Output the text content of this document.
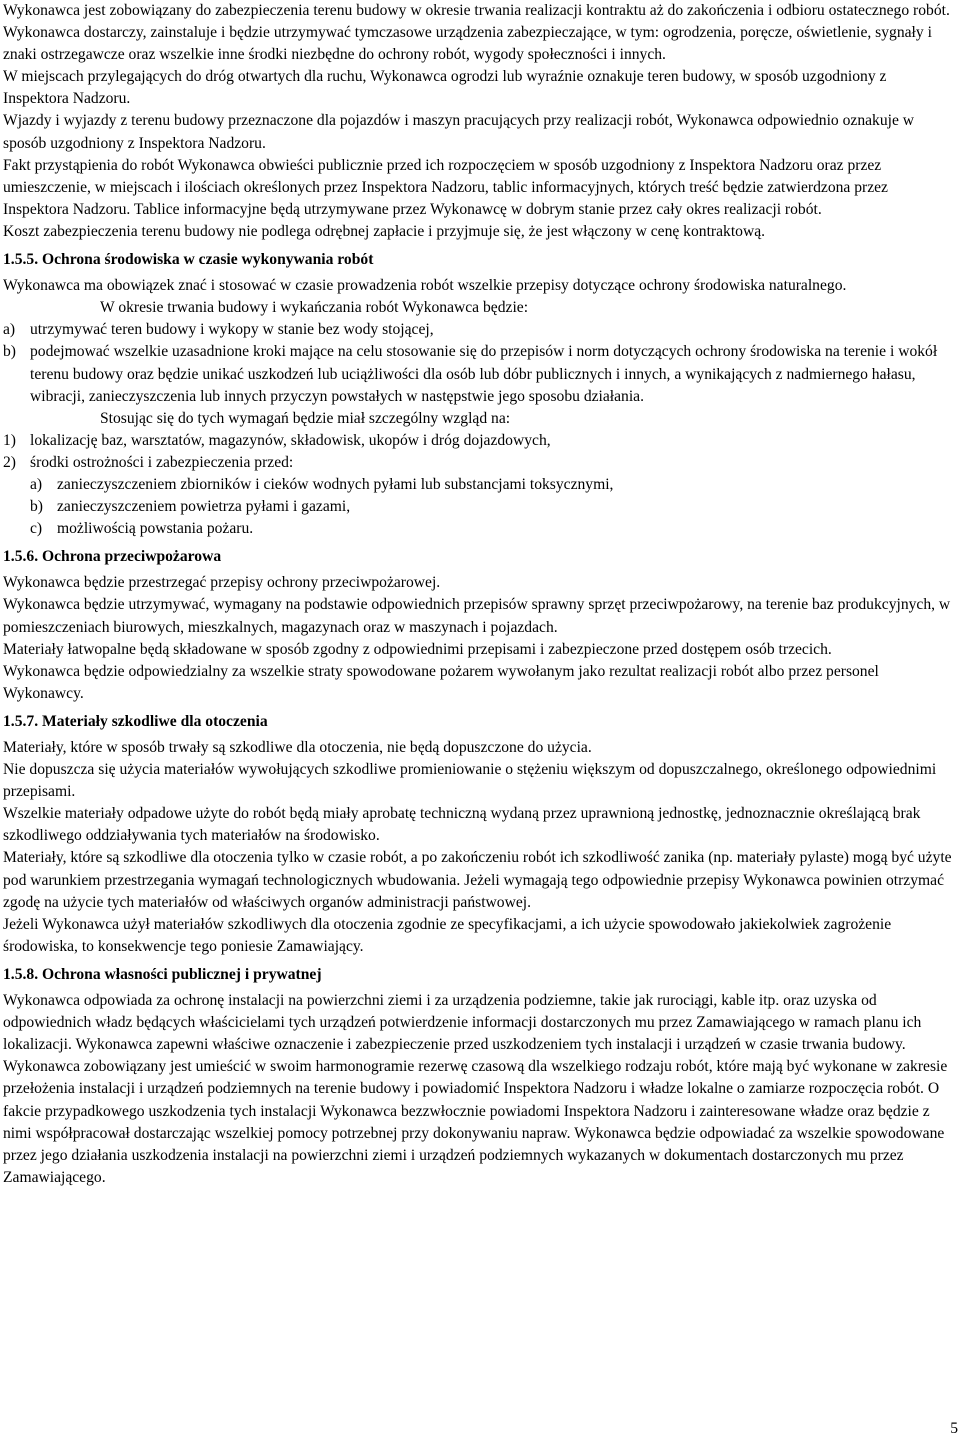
Wykonawca jest zobowiązany do zabezpieczenia terenu budowy w okresie trwania realizacji kontraktu aż do zakończenia i odbioru ostatecznego robót.

Wykonawca dostarczy, zainstaluje i będzie utrzymywać tymczasowe urządzenia zabezpieczające, w tym: ogrodzenia, poręcze, oświetlenie, sygnały i znaki ostrzegawcze oraz wszelkie inne środki niezbędne do ochrony robót, wygody społeczności i innych.

W miejscach przylegających do dróg otwartych dla ruchu, Wykonawca ogrodzi lub wyraźnie oznakuje teren budowy, w sposób uzgodniony z Inspektora Nadzoru.

Wjazdy i wyjazdy z terenu budowy przeznaczone dla pojazdów i maszyn pracujących przy realizacji robót, Wykonawca odpowiednio oznakuje w sposób uzgodniony z Inspektora Nadzoru.

Fakt przystąpienia do robót Wykonawca obwieści publicznie przed ich rozpoczęciem w sposób uzgodniony z Inspektora Nadzoru oraz przez umieszczenie, w miejscach i ilościach określonych przez Inspektora Nadzoru, tablic informacyjnych, których treść będzie zatwierdzona przez Inspektora Nadzoru. Tablice informacyjne będą utrzymywane przez Wykonawcę w dobrym stanie przez cały okres realizacji robót.

Koszt zabezpieczenia terenu budowy nie podlega odrębnej zapłacie i przyjmuje się, że jest włączony w cenę kontraktową.

1.5.5. Ochrona środowiska w czasie wykonywania robót

Wykonawca ma obowiązek znać i stosować w czasie prowadzenia robót wszelkie przepisy dotyczące ochrony środowiska naturalnego.

W okresie trwania budowy i wykańczania robót Wykonawca będzie:

a) utrzymywać teren budowy i wykopy w stanie bez wody stojącej,
b) podejmować wszelkie uzasadnione kroki mające na celu stosowanie się do przepisów i norm dotyczących ochrony środowiska na terenie i wokół terenu budowy oraz będzie unikać uszkodzeń lub uciążliwości dla osób lub dóbr publicznych i innych, a wynikających z nadmiernego hałasu, wibracji, zanieczyszczenia lub innych przyczyn powstałych w następstwie jego sposobu działania.

Stosując się do tych wymagań będzie miał szczególny wzgląd na:

1) lokalizację baz, warsztatów, magazynów, składowisk, ukopów i dróg dojazdowych,
2) środki ostrożności i zabezpieczenia przed:
a) zanieczyszczeniem zbiorników i cieków wodnych pyłami lub substancjami toksycznymi,
b) zanieczyszczeniem powietrza pyłami i gazami,
c) możliwością powstania pożaru.

1.5.6. Ochrona przeciwpożarowa

Wykonawca będzie przestrzegać przepisy ochrony przeciwpożarowej.

Wykonawca będzie utrzymywać, wymagany na podstawie odpowiednich przepisów sprawny sprzęt przeciwpożarowy, na terenie baz produkcyjnych, w pomieszczeniach biurowych, mieszkalnych, magazynach oraz w maszynach i pojazdach.

Materiały łatwopalne będą składowane w sposób zgodny z odpowiednimi przepisami i zabezpieczone przed dostępem osób trzecich.

Wykonawca będzie odpowiedzialny za wszelkie straty spowodowane pożarem wywołanym jako rezultat realizacji robót albo przez personel Wykonawcy.

1.5.7. Materiały szkodliwe dla otoczenia

Materiały, które w sposób trwały są szkodliwe dla otoczenia, nie będą dopuszczone do użycia.

Nie dopuszcza się użycia materiałów wywołujących szkodliwe promieniowanie o stężeniu większym od dopuszczalnego, określonego odpowiednimi przepisami.

Wszelkie materiały odpadowe użyte do robót będą miały aprobatę techniczną wydaną przez uprawnioną jednostkę, jednoznacznie określającą brak szkodliwego oddziaływania tych materiałów na środowisko.

Materiały, które są szkodliwe dla otoczenia tylko w czasie robót, a po zakończeniu robót ich szkodliwość zanika (np. materiały pylaste) mogą być użyte pod warunkiem przestrzegania wymagań technologicznych wbudowania. Jeżeli wymagają tego odpowiednie przepisy Wykonawca powinien otrzymać zgodę na użycie tych materiałów od właściwych organów administracji państwowej.

Jeżeli Wykonawca użył materiałów szkodliwych dla otoczenia zgodnie ze specyfikacjami, a ich użycie spowodowało jakiekolwiek zagrożenie środowiska, to konsekwencje tego poniesie Zamawiający.

1.5.8. Ochrona własności publicznej i prywatnej

Wykonawca odpowiada za ochronę instalacji na powierzchni ziemi i za urządzenia podziemne, takie jak rurociągi, kable itp. oraz uzyska od odpowiednich władz będących właścicielami tych urządzeń potwierdzenie informacji dostarczonych mu przez Zamawiającego w ramach planu ich lokalizacji. Wykonawca zapewni właściwe oznaczenie i zabezpieczenie przed uszkodzeniem tych instalacji i urządzeń w czasie trwania budowy.

Wykonawca zobowiązany jest umieścić w swoim harmonogramie rezerwę czasową dla wszelkiego rodzaju robót, które mają być wykonane w zakresie przełożenia instalacji i urządzeń podziemnych na terenie budowy i powiadomić Inspektora Nadzoru i władze lokalne o zamiarze rozpoczęcia robót. O fakcie przypadkowego uszkodzenia tych instalacji Wykonawca bezzwłocznie powiadomi Inspektora Nadzoru i zainteresowane władze oraz będzie z nimi współpracował dostarczając wszelkiej pomocy potrzebnej przy dokonywaniu napraw. Wykonawca będzie odpowiadać za wszelkie spowodowane przez jego działania uszkodzenia instalacji na powierzchni ziemi i urządzeń podziemnych wykazanych w dokumentach dostarczonych mu przez Zamawiającego.

5
